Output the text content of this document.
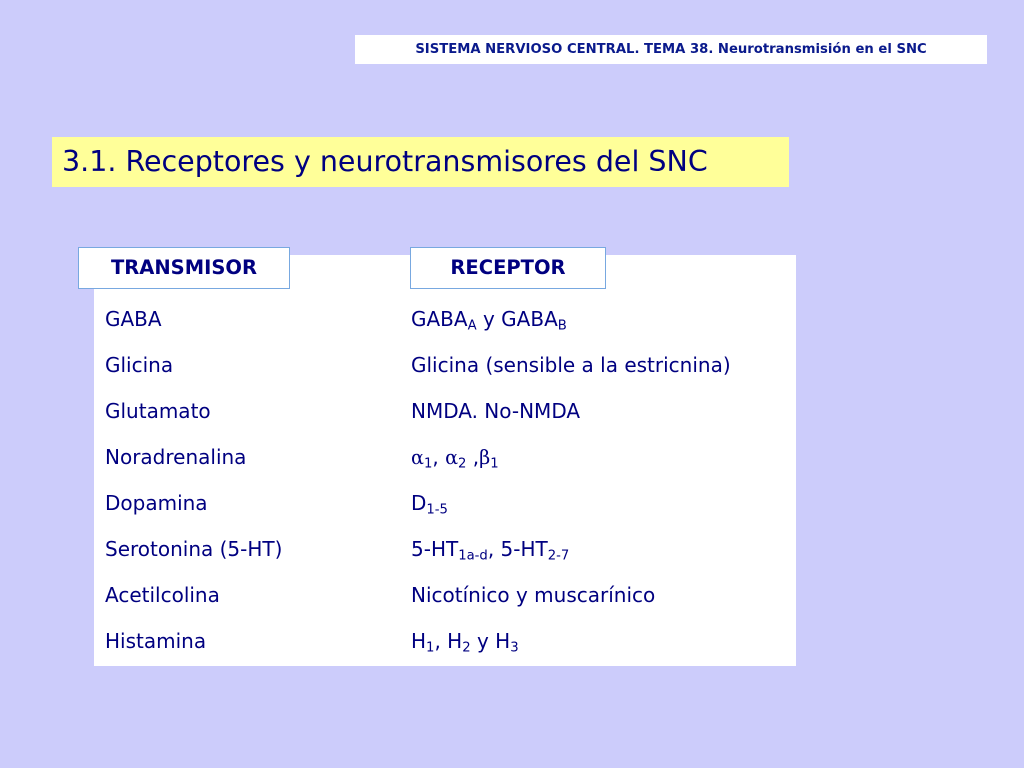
SISTEMA NERVIOSO CENTRAL. TEMA 38. Neurotransmisión en el SNC
3.1. Receptores y neurotransmisores del SNC
TRANSMISOR	RECEPTOR
GABA	$GABA_A$ y $GABA_B$
Glicina	Glicina (sensible a la estricnina)
Glutamato	NMDA. No-NMDA
Noradrenalina	$\alpha_1$, $\alpha_2$ $,\beta_1$
Dopamina	$D_{1-5}$
Serotonina (5-HT)	$5-HT_{1a-d}$, $5-HT_{2-7}$
Acetilcolina	Nicotínico y muscarínico
Histamina	$H_1$, $H_2$ y $H_3$
